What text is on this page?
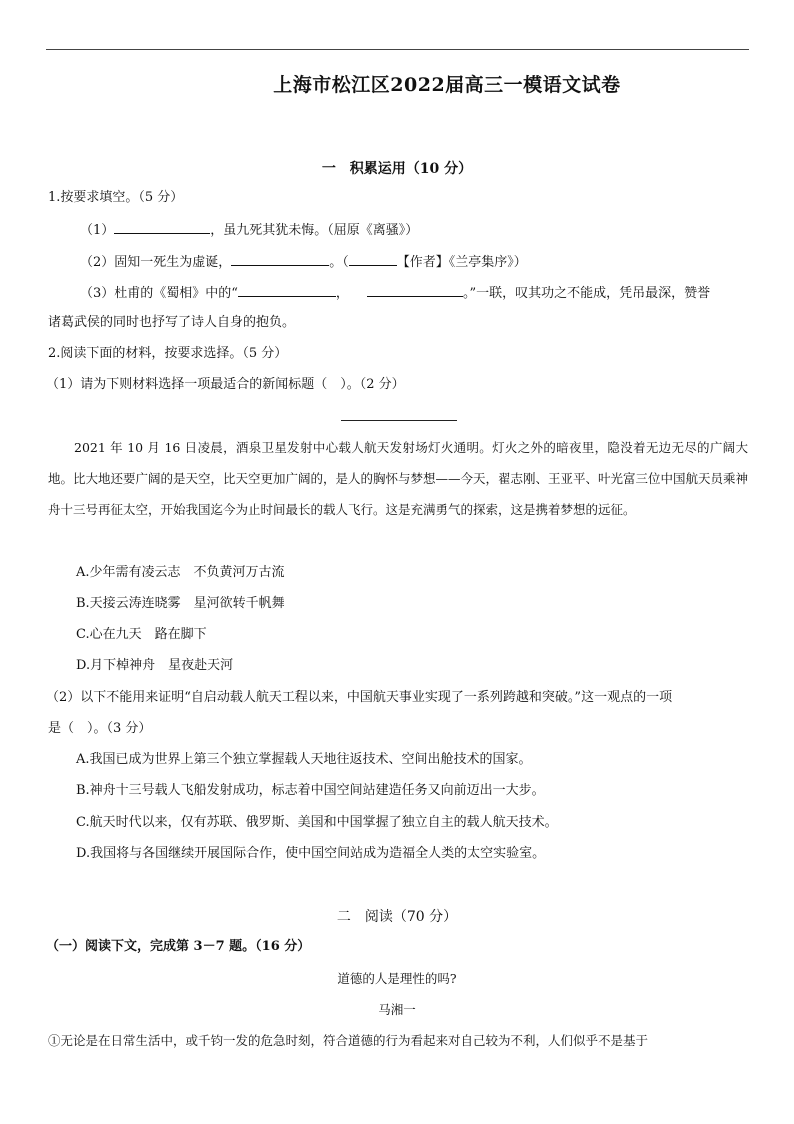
上海市松江区2022届高三一模语文试卷
一　积累运用（10 分）
1.按要求填空。（5 分）
（1）	，虽九死其犹未悔。（屈原《离骚》）
（2）固知一死生为虚诞，	。（	【作者】《兰亭集序》）
（3）杜甫的《蜀相》中的“	，	。”一联，叹其功之不能成，凭吊最深，赞誉
诸葛武侯的同时也抒写了诗人自身的抱负。
2.阅读下面的材料，按要求选择。（5 分）
（1）请为下则材料选择一项最适合的新闻标题（　）。（2 分）
2021 年 10 月 16 日凌晨，酒泉卫星发射中心载人航天发射场灯火通明。灯火之外的暗夜里，隐没着无边无尽的广阔大地。比大地还要广阔的是天空，比天空更加广阔的，是人的胸怀与梦想——今天，翟志刚、王亚平、叶光富三位中国航天员乘神舟十三号再征太空，开始我国迄今为止时间最长的载人飞行。这是充满勇气的探索，这是携着梦想的远征。
A.少年需有凌云志　不负黄河万古流
B.天接云涛连晓雾　星河欲转千帆舞
C.心在九天　路在脚下
D.月下棹神舟　星夜赴天河
（2）以下不能用来证明“自启动载人航天工程以来，中国航天事业实现了一系列跨越和突破。”这一观点的一项
是（　）。（3 分）
A.我国已成为世界上第三个独立掌握载人天地往返技术、空间出舱技术的国家。
B.神舟十三号载人飞船发射成功，标志着中国空间站建造任务又向前迈出一大步。
C.航天时代以来，仅有苏联、俄罗斯、美国和中国掌握了独立自主的载人航天技术。
D.我国将与各国继续开展国际合作，使中国空间站成为造福全人类的太空实验室。
二　阅读（70 分）
（一）阅读下文，完成第 3－7 题。（16 分）
道德的人是理性的吗?
马湘一
①无论是在日常生活中，或千钧一发的危急时刻，符合道德的行为看起来对自己较为不利，人们似乎不是基于
